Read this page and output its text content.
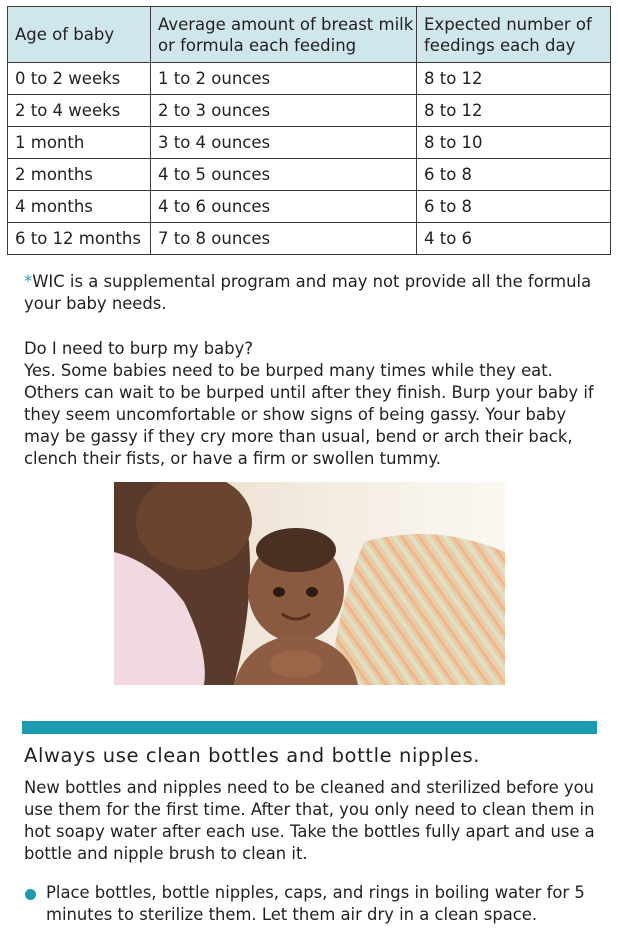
Age of baby	Average amount of breast milk or formula each feeding	Expected number of feedings each day
0 to 2 weeks	1 to 2 ounces	8 to 12
2 to 4 weeks	2 to 3 ounces	8 to 12
1 month	3 to 4 ounces	8 to 10
2 months	4 to 5 ounces	6 to 8
4 months	4 to 6 ounces	6 to 8
6 to 12 months	7 to 8 ounces	4 to 6

*WIC is a supplemental program and may not provide all the formula your baby needs.

Do I need to burp my baby?

Yes. Some babies need to be burped many times while they eat. Others can wait to be burped until after they finish. Burp your baby if they seem uncomfortable or show signs of being gassy. Your baby may be gassy if they cry more than usual, bend or arch their back, clench their fists, or have a firm or swollen tummy.

Always use clean bottles and bottle nipples.

New bottles and nipples need to be cleaned and sterilized before you use them for the first time. After that, you only need to clean them in hot soapy water after each use. Take the bottles fully apart and use a bottle and nipple brush to clean it.

Place bottles, bottle nipples, caps, and rings in boiling water for 5 minutes to sterilize them. Let them air dry in a clean space.
